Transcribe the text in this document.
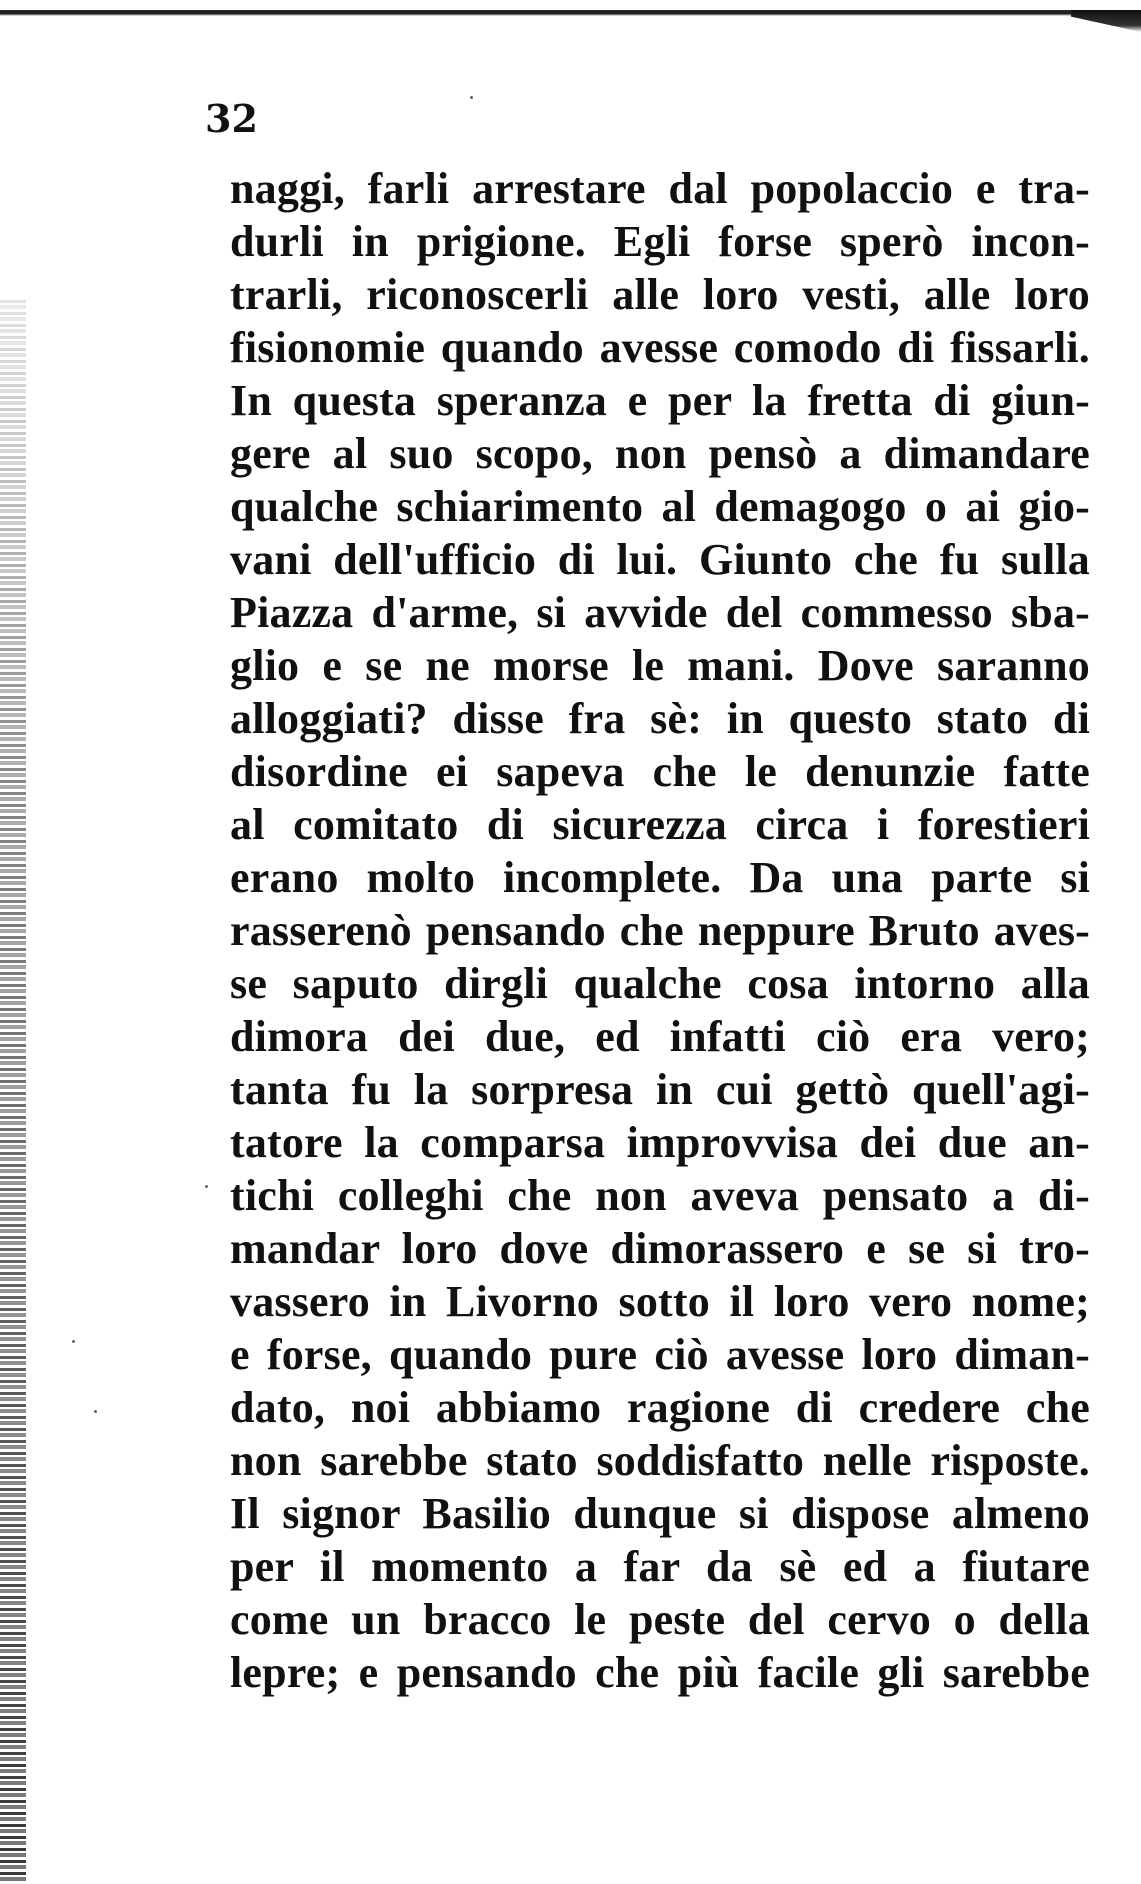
32
naggi, farli arrestare dal popolaccio e tra-
durli in prigione. Egli forse sperò incon-
trarli, riconoscerli alle loro vesti, alle loro
fisionomie quando avesse comodo di fissarli.
In questa speranza e per la fretta di giun-
gere al suo scopo, non pensò a dimandare
qualche schiarimento al demagogo o ai gio-
vani dell'ufficio di lui. Giunto che fu sulla
Piazza d'arme, si avvide del commesso sba-
glio e se ne morse le mani. Dove saranno
alloggiati? disse fra sè: in questo stato di
disordine ei sapeva che le denunzie fatte
al comitato di sicurezza circa i forestieri
erano molto incomplete. Da una parte si
rasserenò pensando che neppure Bruto aves-
se saputo dirgli qualche cosa intorno alla
dimora dei due, ed infatti ciò era vero;
tanta fu la sorpresa in cui gettò quell'agi-
tatore la comparsa improvvisa dei due an-
tichi colleghi che non aveva pensato a di-
mandar loro dove dimorassero e se si tro-
vassero in Livorno sotto il loro vero nome;
e forse, quando pure ciò avesse loro diman-
dato, noi abbiamo ragione di credere che
non sarebbe stato soddisfatto nelle risposte.
Il signor Basilio dunque si dispose almeno
per il momento a far da sè ed a fiutare
come un bracco le peste del cervo o della
lepre; e pensando che più facile gli sarebbe
